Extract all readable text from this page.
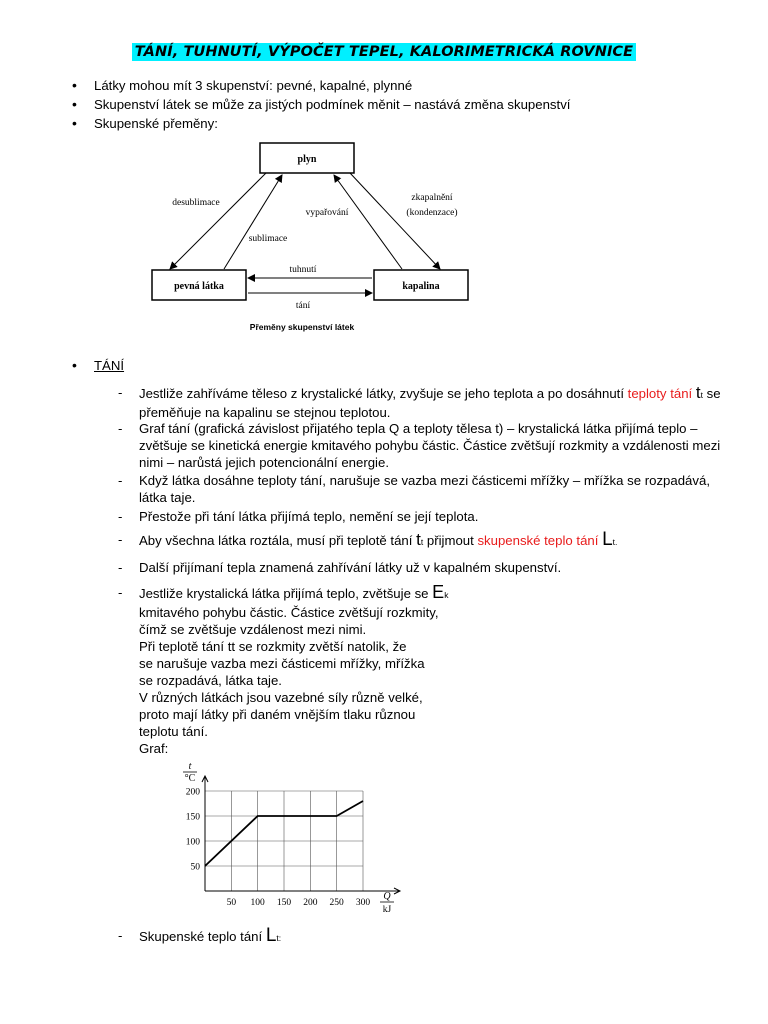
TÁNÍ, TUHNUTÍ, VÝPOČET TEPEL, KALORIMETRICKÁ ROVNICE
• Látky mohou mít 3 skupenství: pevné, kapalné, plynné
• Skupenství látek se může za jistých podmínek měnit – nastává změna skupenství
• Skupenské přeměny:
plyn
pevná látka	kapalina
desublimace
sublimace
vypařování
zkapalnění
(kondenzace)
tuhnutí
tání
Přeměny skupenství látek
• TÁNÍ
- Jestliže zahříváme těleso z krystalické látky, zvyšuje se jeho teplota a po dosáhnutí teploty tání tt se
přeměňuje na kapalinu se stejnou teplotou.
- Graf tání (grafická závislost přijatého tepla Q a teploty tělesa t) – krystalická látka přijímá teplo –
zvětšuje se kinetická energie kmitavého pohybu částic. Částice zvětšují rozkmity a vzdálenosti mezi
nimi – narůstá jejich potencionální energie.
- Když látka dosáhne teploty tání, narušuje se vazba mezi částicemi mřížky – mřížka se rozpadává,
látka taje.
- Přestože při tání látka přijímá teplo, nemění se její teplota.
- Aby všechna látka roztála, musí při teplotě tání tt přijmout skupenské teplo tání Lt.
- Další přijímaní tepla znamená zahřívání látky už v kapalném skupenství.
- Jestliže krystalická látka přijímá teplo, zvětšuje se Ek
kmitavého pohybu částic. Částice zvětšují rozkmity,
čímž se zvětšuje vzdálenost mezi nimi.
Při teplotě tání tt se rozkmity zvětší natolik, že
se narušuje vazba mezi částicemi mřížky, mřížka
se rozpadává, látka taje.
V různých látkách jsou vazebné síly různě velké,
proto mají látky při daném vnějším tlaku různou
teplotu tání.
Graf:
50 100 150 200 250 300
50
100
150
200
t
°C
Q
kJ
- Skupenské teplo tání Lt:
